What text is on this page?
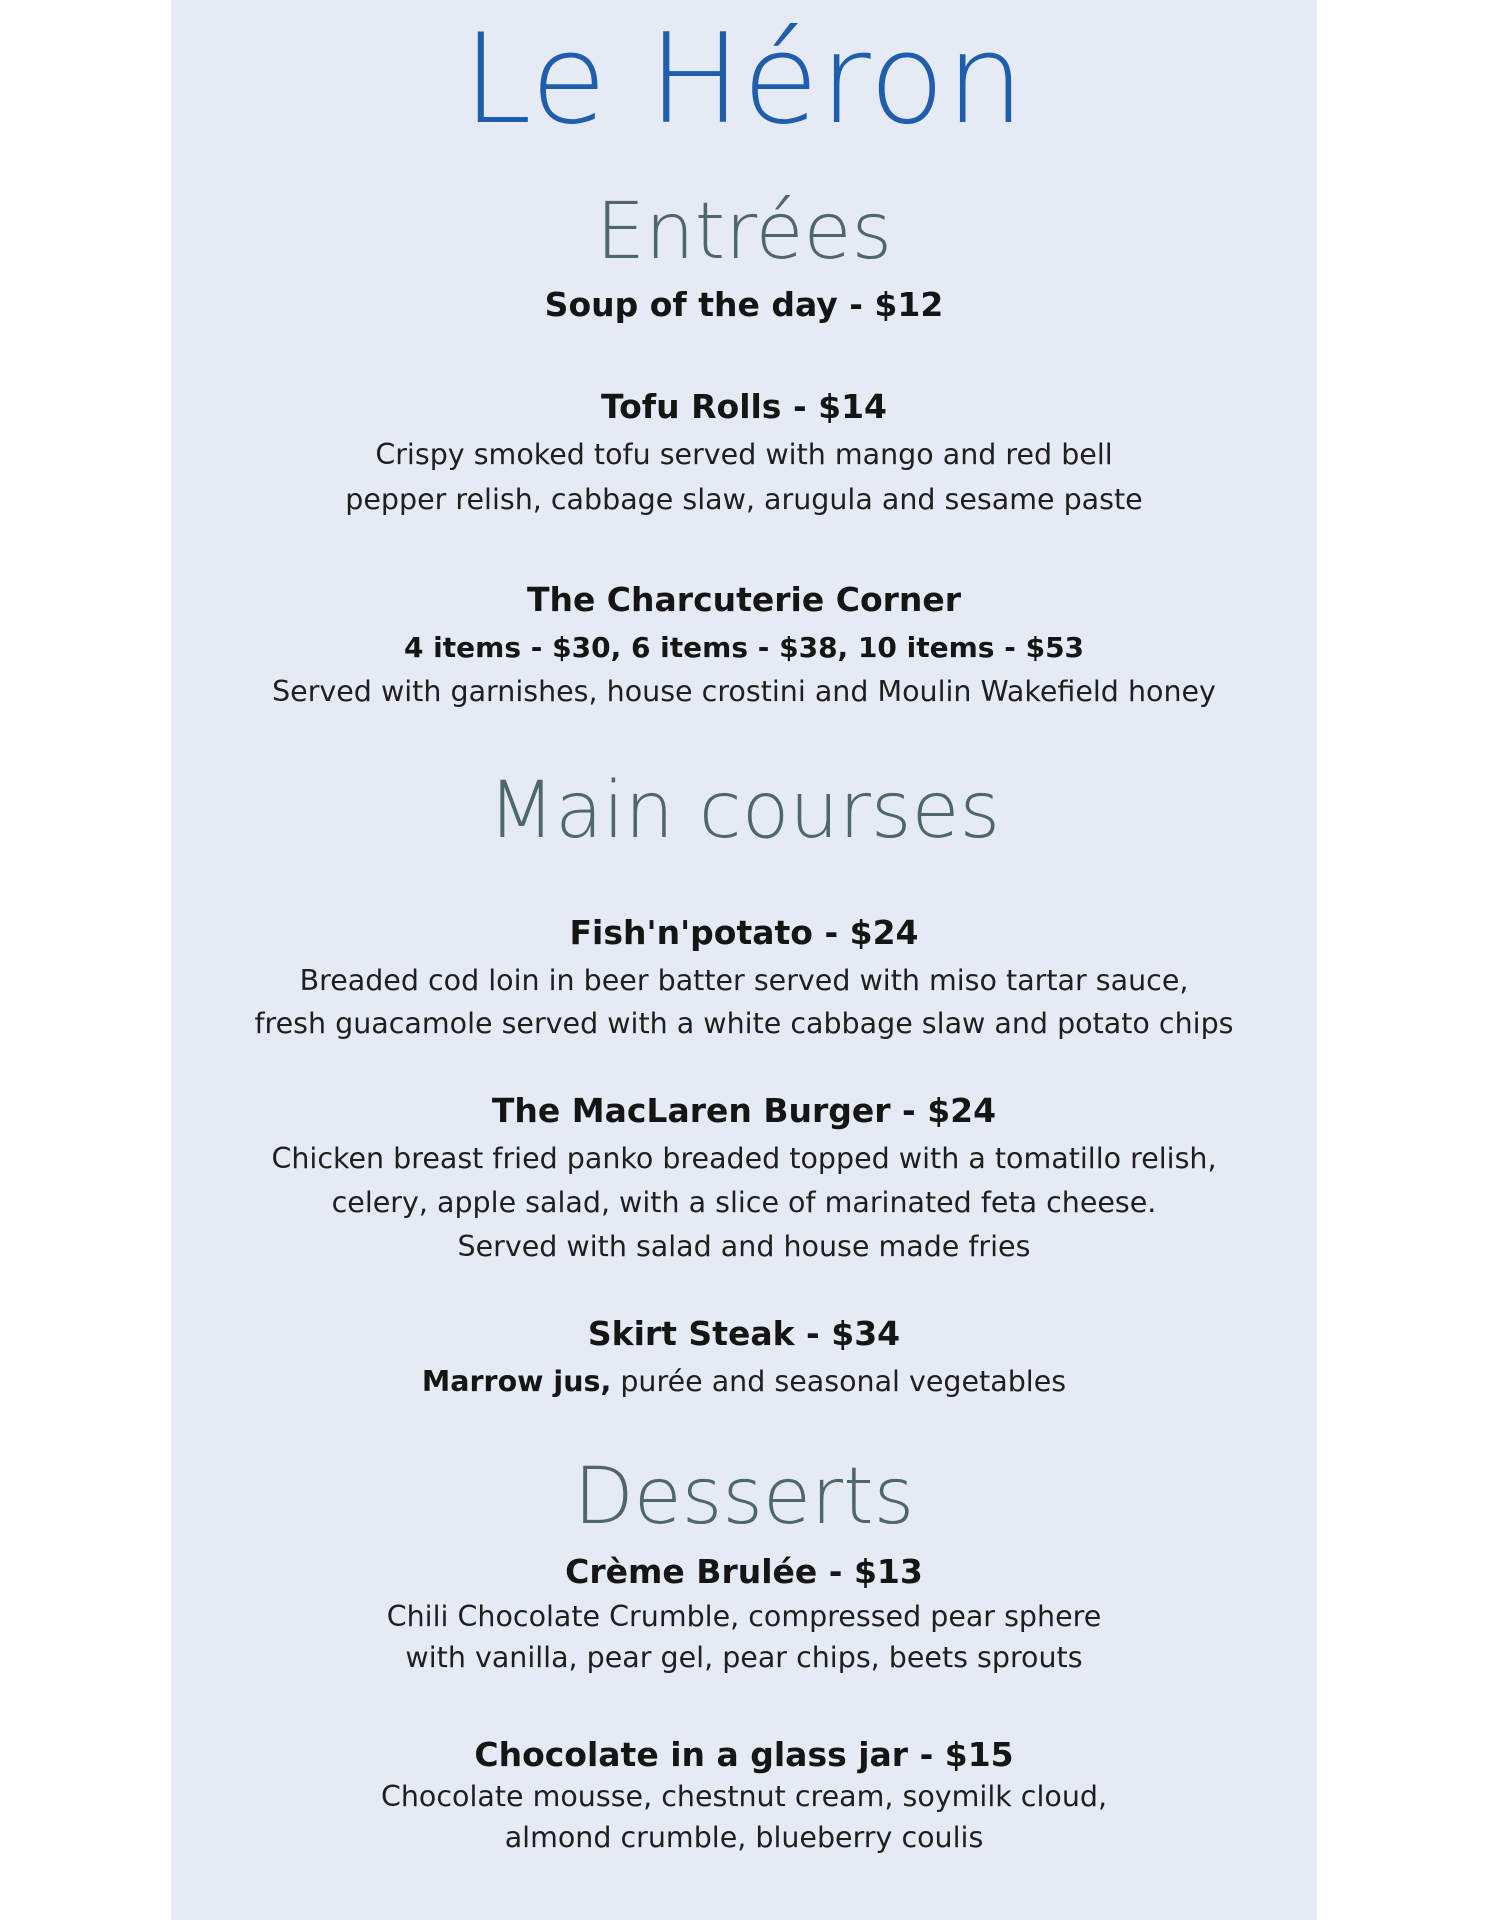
Le Héron
Entrées
Soup of the day - $12
Tofu Rolls - $14
Crispy smoked tofu served with mango and red bell
pepper relish, cabbage slaw, arugula and sesame paste
The Charcuterie Corner
4 items - $30, 6 items - $38, 10 items - $53
Served with garnishes, house crostini and Moulin Wakefield honey
Main courses
Fish'n'potato - $24
Breaded cod loin in beer batter served with miso tartar sauce,
fresh guacamole served with a white cabbage slaw and potato chips
The MacLaren Burger - $24
Chicken breast fried panko breaded topped with a tomatillo relish,
celery, apple salad, with a slice of marinated feta cheese.
Served with salad and house made fries
Skirt Steak - $34
Marrow jus, purée and seasonal vegetables
Desserts
Crème Brulée - $13
Chili Chocolate Crumble, compressed pear sphere
with vanilla, pear gel, pear chips, beets sprouts
Chocolate in a glass jar - $15
Chocolate mousse, chestnut cream, soymilk cloud,
almond crumble, blueberry coulis
